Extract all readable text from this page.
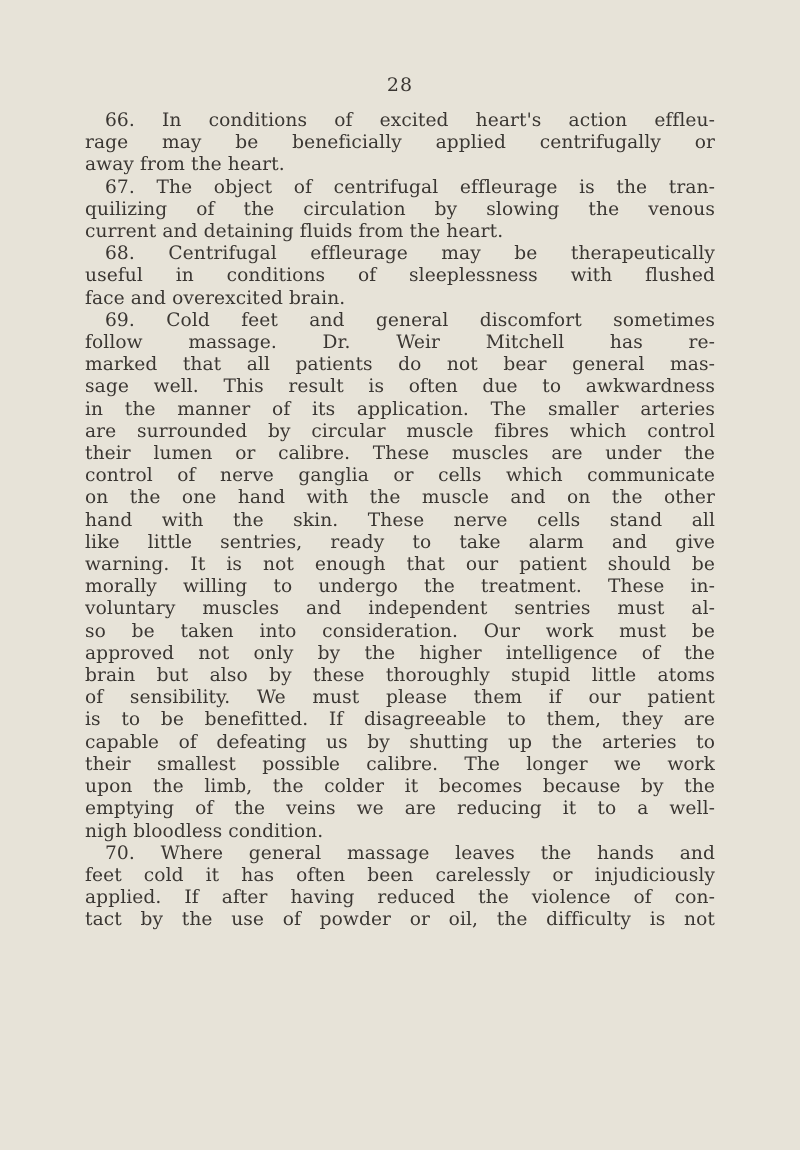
28
66. In conditions of excited heart's action efflеu-
rage may be beneficially applied centrifugally or
away from the heart.
67. The object of centrifugal effleurage is the tran-
quilizing of the circulation by slowing the venous
current and detaining fluids from the heart.
68. Centrifugal effleurage may be therapeutically
useful in conditions of sleeplessness with flushed
face and overexcited brain.
69. Cold feet and general discomfort sometimes
follow massage. Dr. Weir Mitchell has re-
marked that all patients do not bear general mas-
sage well. This result is often due to awkwardness
in the manner of its application. The smaller arteries
are surrounded by circular muscle fibres which control
their lumen or calibre. These muscles are under the
control of nerve ganglia or cells which communicate
on the one hand with the muscle and on the other
hand with the skin. These nerve cells stand all
like little sentries, ready to take alarm and give
warning. It is not enough that our patient should be
morally willing to undergo the treatment. These in-
voluntary muscles and independent sentries must al-
so be taken into consideration. Our work must be
approved not only by the higher intelligence of the
brain but also by these thoroughly stupid little atoms
of sensibility. We must please them if our patient
is to be benefitted. If disagreeable to them, they are
capable of defeating us by shutting up the arteries to
their smallest possible calibre. The longer we work
upon the limb, the colder it becomes because by the
emptying of the veins we are reducing it to a well-
nigh bloodless condition.
70. Where general massage leaves the hands and
feet cold it has often been carelessly or injudiciously
applied. If after having reduced the violence of con-
tact by the use of powder or oil, the difficulty is not
